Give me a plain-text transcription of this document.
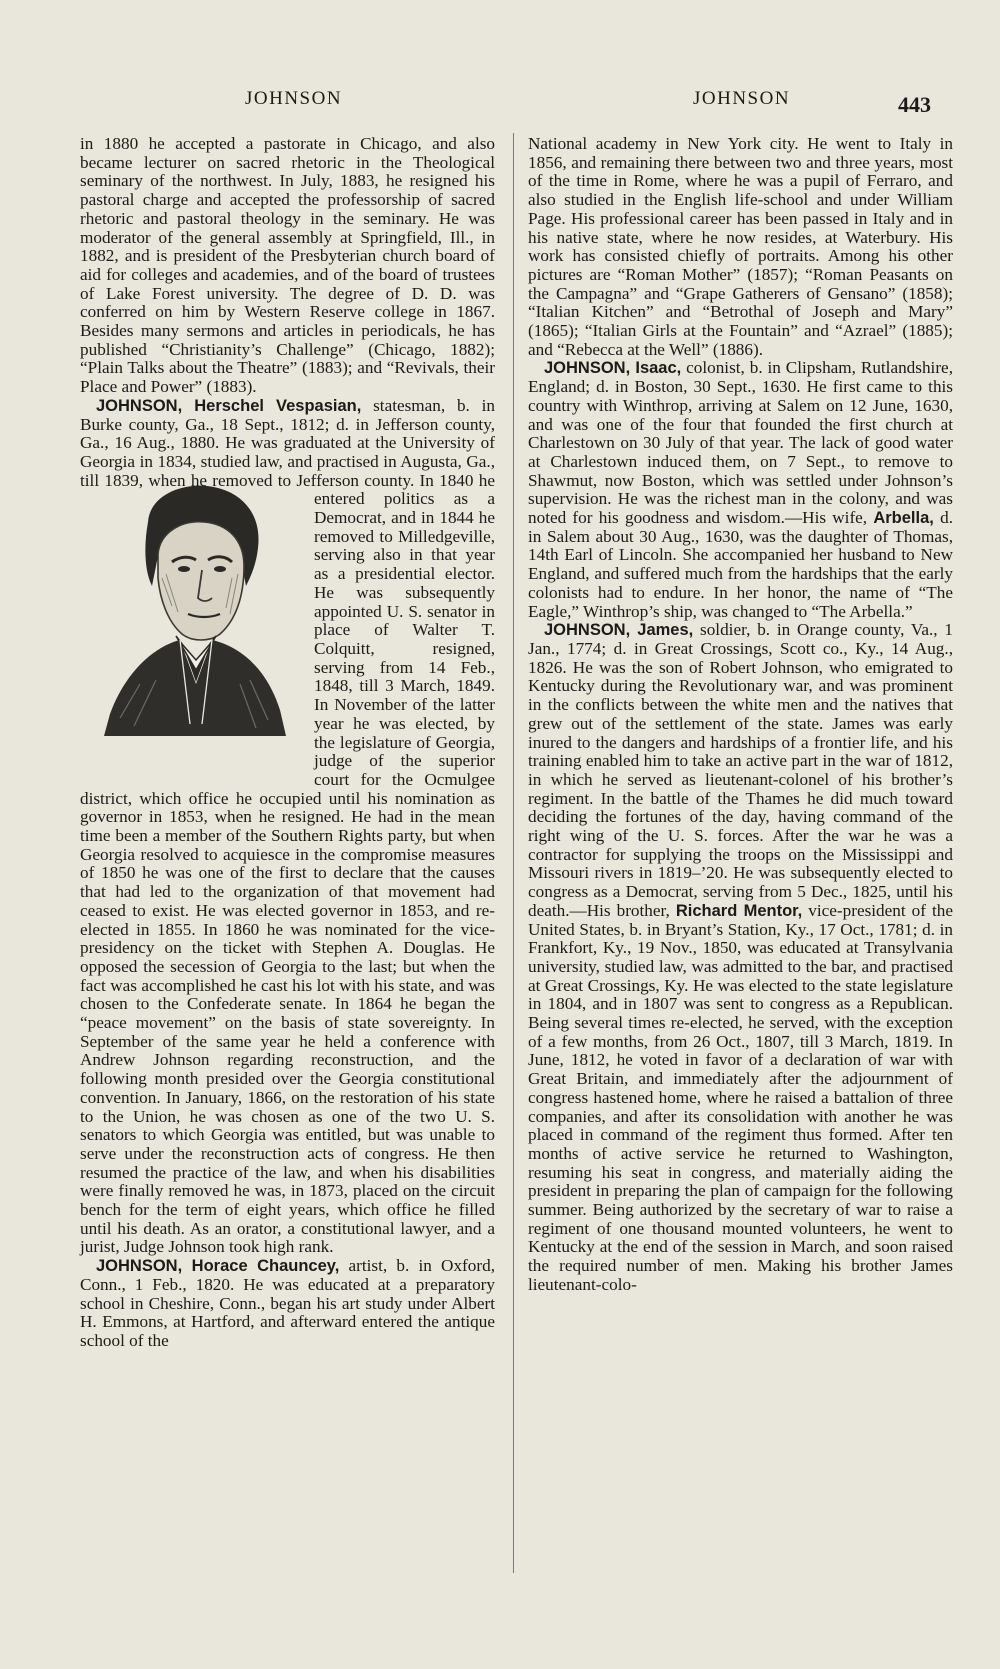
JOHNSON	JOHNSON	443

in 1880 he accepted a pastorate in Chicago, and also became lecturer on sacred rhetoric in the Theological seminary of the northwest. In July, 1883, he resigned his pastoral charge and accepted the professorship of sacred rhetoric and pastoral theology in the seminary. He was moderator of the general assembly at Springfield, Ill., in 1882, and is president of the Presbyterian church board of aid for colleges and academies, and of the board of trustees of Lake Forest university. The degree of D. D. was conferred on him by Western Reserve college in 1867. Besides many sermons and articles in periodicals, he has published “Christianity’s Challenge” (Chicago, 1882); “Plain Talks about the Theatre” (1883); and “Revivals, their Place and Power” (1883).

JOHNSON, Herschel Vespasian, statesman, b. in Burke county, Ga., 18 Sept., 1812; d. in Jefferson county, Ga., 16 Aug., 1880. He was graduated at the University of Georgia in 1834, studied law, and practised in Augusta, Ga., till 1839, when
he removed to Jefferson county. In 1840 he entered politics as a Democrat, and in 1844 he removed to Milledgeville, serving also in that year as a presidential elector. He was subsequently appointed U. S. senator in place of Walter T. Colquitt, resigned, serving from 14 Feb., 1848, till 3 March, 1849. In November of the latter year he was elected, by the legislature of Georgia, judge of the superior court for the Ocmulgee district, which office he occupied until his nomination as governor in 1853, when he resigned. He had in the mean time been a member of the Southern Rights party, but when Georgia resolved to acquiesce in the compromise measures of 1850 he was one of the first to declare that the causes that had led to the organization of that movement had ceased to exist. He was elected governor in 1853, and re-elected in 1855. In 1860 he was nominated for the vice-presidency on the ticket with Stephen A. Douglas. He opposed the secession of Georgia to the last; but when the fact was accomplished he cast his lot with his state, and was chosen to the Confederate senate. In 1864 he began the “peace movement” on the basis of state sovereignty. In September of the same year he held a conference with Andrew Johnson regarding reconstruction, and the following month presided over the Georgia constitutional convention. In January, 1866, on the restoration of his state to the Union, he was chosen as one of the two U. S. senators to which Georgia was entitled, but was unable to serve under the reconstruction acts of congress. He then resumed the practice of the law, and when his disabilities were finally removed he was, in 1873, placed on the circuit bench for the term of eight years, which office he filled until his death. As an orator, a constitutional lawyer, and a jurist, Judge Johnson took high rank.

JOHNSON, Horace Chauncey, artist, b. in Oxford, Conn., 1 Feb., 1820. He was educated at a preparatory school in Cheshire, Conn., began his art study under Albert H. Emmons, at Hartford, and afterward entered the antique school of the

National academy in New York city. He went to Italy in 1856, and remaining there between two and three years, most of the time in Rome, where he was a pupil of Ferraro, and also studied in the English life-school and under William Page. His professional career has been passed in Italy and in his native state, where he now resides, at Waterbury. His work has consisted chiefly of portraits. Among his other pictures are “Roman Mother” (1857); “Roman Peasants on the Campagna” and “Grape Gatherers of Gensano” (1858); “Italian Kitchen” and “Betrothal of Joseph and Mary” (1865); “Italian Girls at the Fountain” and “Azrael” (1885); and “Rebecca at the Well” (1886).

JOHNSON, Isaac, colonist, b. in Clipsham, Rutlandshire, England; d. in Boston, 30 Sept., 1630. He first came to this country with Winthrop, arriving at Salem on 12 June, 1630, and was one of the four that founded the first church at Charlestown on 30 July of that year. The lack of good water at Charlestown induced them, on 7 Sept., to remove to Shawmut, now Boston, which was settled under Johnson’s supervision. He was the richest man in the colony, and was noted for his goodness and wisdom.—His wife, Arbella, d. in Salem about 30 Aug., 1630, was the daughter of Thomas, 14th Earl of Lincoln. She accompanied her husband to New England, and suffered much from the hardships that the early colonists had to endure. In her honor, the name of “The Eagle,” Winthrop’s ship, was changed to “The Arbella.”

JOHNSON, James, soldier, b. in Orange county, Va., 1 Jan., 1774; d. in Great Crossings, Scott co., Ky., 14 Aug., 1826. He was the son of Robert Johnson, who emigrated to Kentucky during the Revolutionary war, and was prominent in the conflicts between the white men and the natives that grew out of the settlement of the state. James was early inured to the dangers and hardships of a frontier life, and his training enabled him to take an active part in the war of 1812, in which he served as lieutenant-colonel of his brother’s regiment. In the battle of the Thames he did much toward deciding the fortunes of the day, having command of the right wing of the U. S. forces. After the war he was a contractor for supplying the troops on the Mississippi and Missouri rivers in 1819–’20. He was subsequently elected to congress as a Democrat, serving from 5 Dec., 1825, until his death.—His brother, Richard Mentor, vice-president of the United States, b. in Bryant’s Station, Ky., 17 Oct., 1781; d. in Frankfort, Ky., 19 Nov., 1850, was educated at Transylvania university, studied law, was admitted to the bar, and practised at Great Crossings, Ky. He was elected to the state legislature in 1804, and in 1807 was sent to congress as a Republican. Being several times re-elected, he served, with the exception of a few months, from 26 Oct., 1807, till 3 March, 1819. In June, 1812, he voted in favor of a declaration of war with Great Britain, and immediately after the adjournment of congress hastened home, where he raised a battalion of three companies, and after its consolidation with another he was placed in command of the regiment thus formed. After ten months of active service he returned to Washington, resuming his seat in congress, and materially aiding the president in preparing the plan of campaign for the following summer. Being authorized by the secretary of war to raise a regiment of one thousand mounted volunteers, he went to Kentucky at the end of the session in March, and soon raised the required number of men. Making his brother James lieutenant-colo-
